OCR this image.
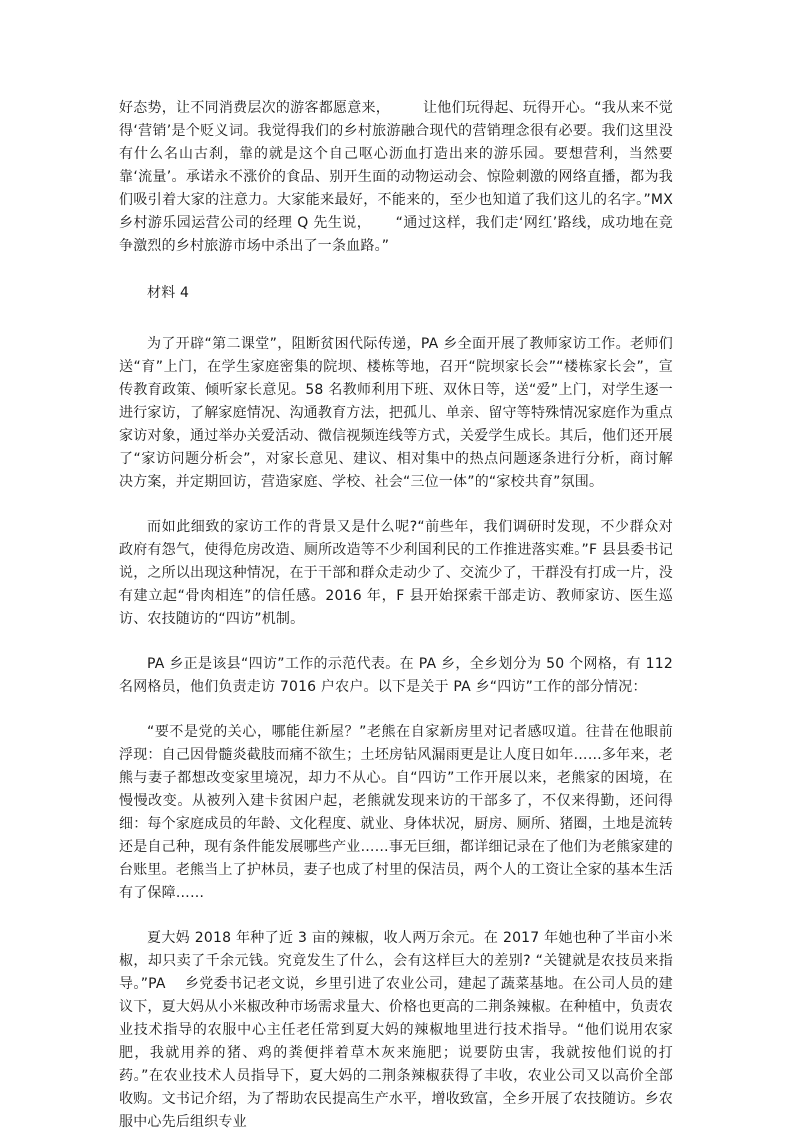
好态势，让不同消费层次的游客都愿意来，       让他们玩得起、玩得开心。“我从来不觉得‘营销’是个贬义词。我觉得我们的乡村旅游融合现代的营销理念很有必要。我们这里没有什么名山古刹，靠的就是这个自己呕心沥血打造出来的游乐园。要想营利，当然要靠‘流量’。承诺永不涨价的食品、别开生面的动物运动会、惊险刺激的网络直播，都为我们吸引着大家的注意力。大家能来最好，不能来的，至少也知道了我们这儿的名字。”MX 乡村游乐园运营公司的经理 Q 先生说，     “通过这样，我们走‘网红’路线，成功地在竞争激烈的乡村旅游市场中杀出了一条血路。”

材料 4

为了开辟“第二课堂”，阻断贫困代际传递，PA 乡全面开展了教师家访工作。老师们送“育”上门，在学生家庭密集的院坝、楼栋等地，召开“院坝家长会”“楼栋家长会”，宣传教育政策、倾听家长意见。58 名教师利用下班、双休日等，送“爱”上门，对学生逐一进行家访，了解家庭情况、沟通教育方法，把孤儿、单亲、留守等特殊情况家庭作为重点家访对象，通过举办关爱活动、微信视频连线等方式，关爱学生成长。其后，他们还开展了“家访问题分析会”，对家长意见、建议、相对集中的热点问题逐条进行分析，商讨解决方案，并定期回访，营造家庭、学校、社会“三位一体”的“家校共育”氛围。

而如此细致的家访工作的背景又是什么呢?“前些年，我们调研时发现，不少群众对政府有怨气，使得危房改造、厕所改造等不少利国利民的工作推进落实难。”F 县县委书记说，之所以出现这种情况，在于干部和群众走动少了、交流少了，干群没有打成一片，没有建立起“骨肉相连”的信任感。2016 年，F 县开始探索干部走访、教师家访、医生巡访、农技随访的“四访”机制。

PA 乡正是该县“四访”工作的示范代表。在 PA 乡，全乡划分为 50 个网格，有 112 名网格员，他们负责走访 7016 户农户。以下是关于 PA 乡“四访”工作的部分情况：

“要不是党的关心，哪能住新屋？”老熊在自家新房里对记者感叹道。往昔在他眼前浮现：自己因骨髓炎截肢而痛不欲生；土坯房钻风漏雨更是让人度日如年……多年来，老熊与妻子都想改变家里境况，却力不从心。自“四访”工作开展以来，老熊家的困境，在慢慢改变。从被列入建卡贫困户起，老熊就发现来访的干部多了，不仅来得勤，还问得细：每个家庭成员的年龄、文化程度、就业、身体状况，厨房、厕所、猪圈，土地是流转还是自己种，现有条件能发展哪些产业……事无巨细，都详细记录在了他们为老熊家建的台账里。老熊当上了护林员，妻子也成了村里的保洁员，两个人的工资让全家的基本生活有了保障……

夏大妈 2018 年种了近 3 亩的辣椒，收人两万余元。在 2017 年她也种了半亩小米椒，却只卖了千余元钱。究竟发生了什么，会有这样巨大的差别? “关键就是农技员来指导。”PA    乡党委书记老文说，乡里引进了农业公司，建起了蔬菜基地。在公司人员的建议下，夏大妈从小米椒改种市场需求量大、价格也更高的二荆条辣椒。在种植中，负责农业技术指导的农服中心主任老任常到夏大妈的辣椒地里进行技术指导。“他们说用农家肥，我就用养的猪、鸡的粪便拌着草木灰来施肥；说要防虫害，我就按他们说的打药。”在农业技术人员指导下，夏大妈的二荆条辣椒获得了丰收，农业公司又以高价全部收购。文书记介绍，为了帮助农民提高生产水平，增收致富，全乡开展了农技随访。乡农服中心先后组织专业
